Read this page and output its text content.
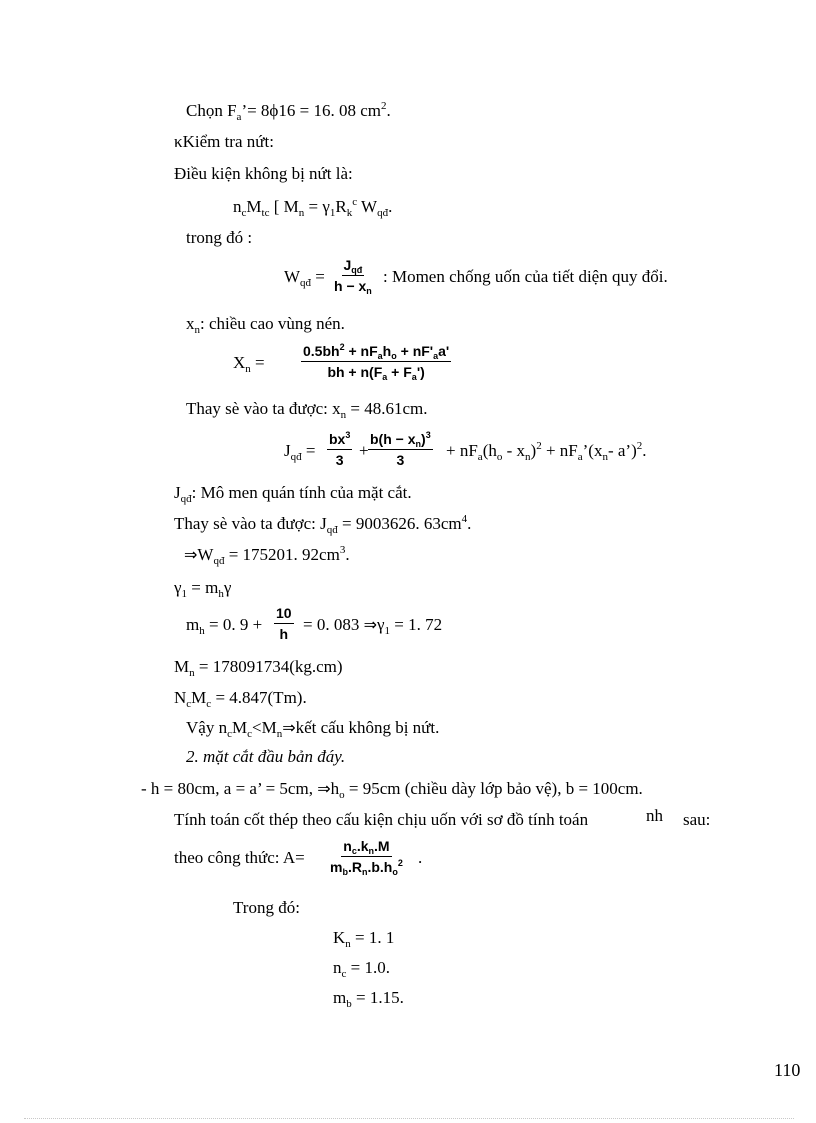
Chọn $F_a’= 8\phi 16 = 16$. 08 $cm^2$.
κKiểm tra nứt:
Điều kiện không bị nứt là:
$n_cM_{tc}$ [ $M_n = \gamma_1R_k^c$ $W_{qđ}$.
trong đó :
$W_{qđ}$ =
$J_{qđ}$
$h - x_n$
: Momen chống uốn của tiết diện quy đổi.
$x_n$: chiều cao vùng nén.
$X_n$ =
$0.5bh^2 + nF_ah_o + nF'_aa'$
bh + $n(F_a + F_a')$
Thay sè vào ta được: $x_n = 48.61cm$.
$J_{qđ} = \frac{bx^3}{3} + \frac{b(h - x_n)^3}{3} + nF_a(h_o - x_n)^2$ + $nF_a’(x_n-$ a’)$^2$.
$J_{qđ}$: Mô men quán tính của mặt cắt.
Thay sè vào ta được: $J_{qđ} = 9003626$. $63cm^4$.
$\Rightarrow W_{qđ} = 175201$. $92cm^3$.
$\gamma_1 = m_h\gamma$
$m_h = 0$. $9 + \frac{10}{h} = 0$. 083 $\Rightarrow\gamma_1 = 1$. 72
$M_n = 178091734(kg.cm)$
$N_cM_c = 4.847(Tm)$.
Vậy $n_cM_c<M_n\Rightarrow kết$ cấu không bị nứt.
2. mặt cắt đầu bản đáy.
- h = 80cm, a = a’ = 5cm, $\Rightarrow h_o = 95cm$ (chiều dày lớp bảo vệ), b = 100cm.
Tính toán cốt thép theo cấu kiện chịu uốn với sơ đồ tính toán	nh sau:
theo công thức: $A= \frac{n_c.k_n.M}{m_b.R_n.b.h_o^2}$ .
Trong đó:
$K_n = 1$. 1
$n_c = 1.0$.
$m_b = 1.15$.
110
